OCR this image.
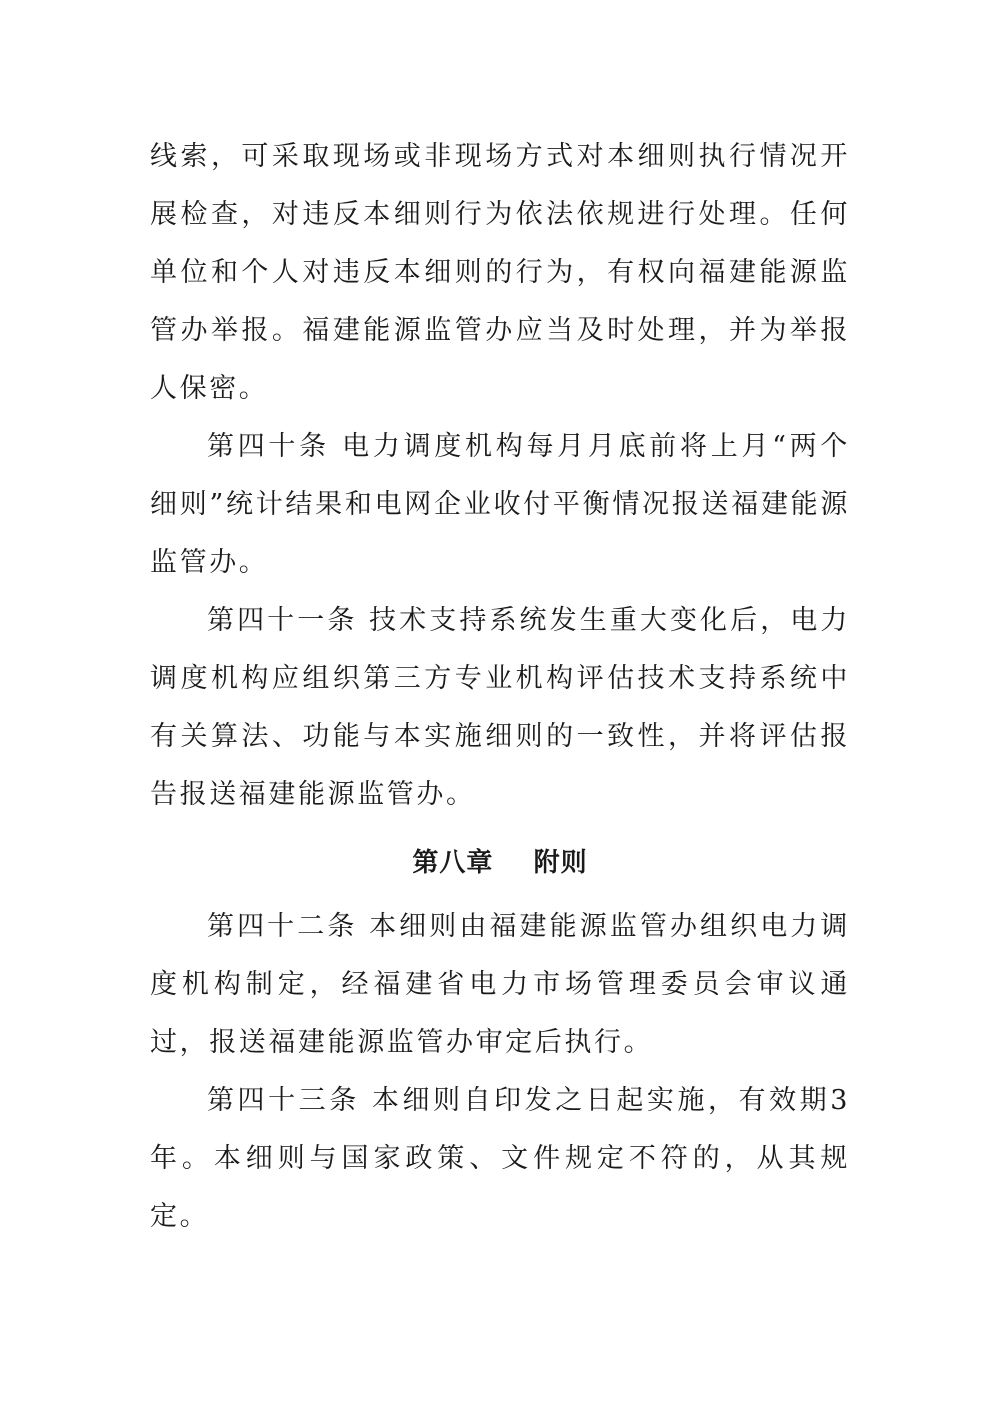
线索，可采取现场或非现场方式对本细则执行情况开展检查，对违反本细则行为依法依规进行处理。任何单位和个人对违反本细则的行为，有权向福建能源监管办举报。福建能源监管办应当及时处理，并为举报人保密。

第四十条 电力调度机构每月月底前将上月“两个细则”统计结果和电网企业收付平衡情况报送福建能源监管办。

第四十一条 技术支持系统发生重大变化后，电力调度机构应组织第三方专业机构评估技术支持系统中有关算法、功能与本实施细则的一致性，并将评估报告报送福建能源监管办。

第八章    附则

第四十二条 本细则由福建能源监管办组织电力调度机构制定，经福建省电力市场管理委员会审议通过，报送福建能源监管办审定后执行。

第四十三条 本细则自印发之日起实施，有效期3年。本细则与国家政策、文件规定不符的，从其规定。
